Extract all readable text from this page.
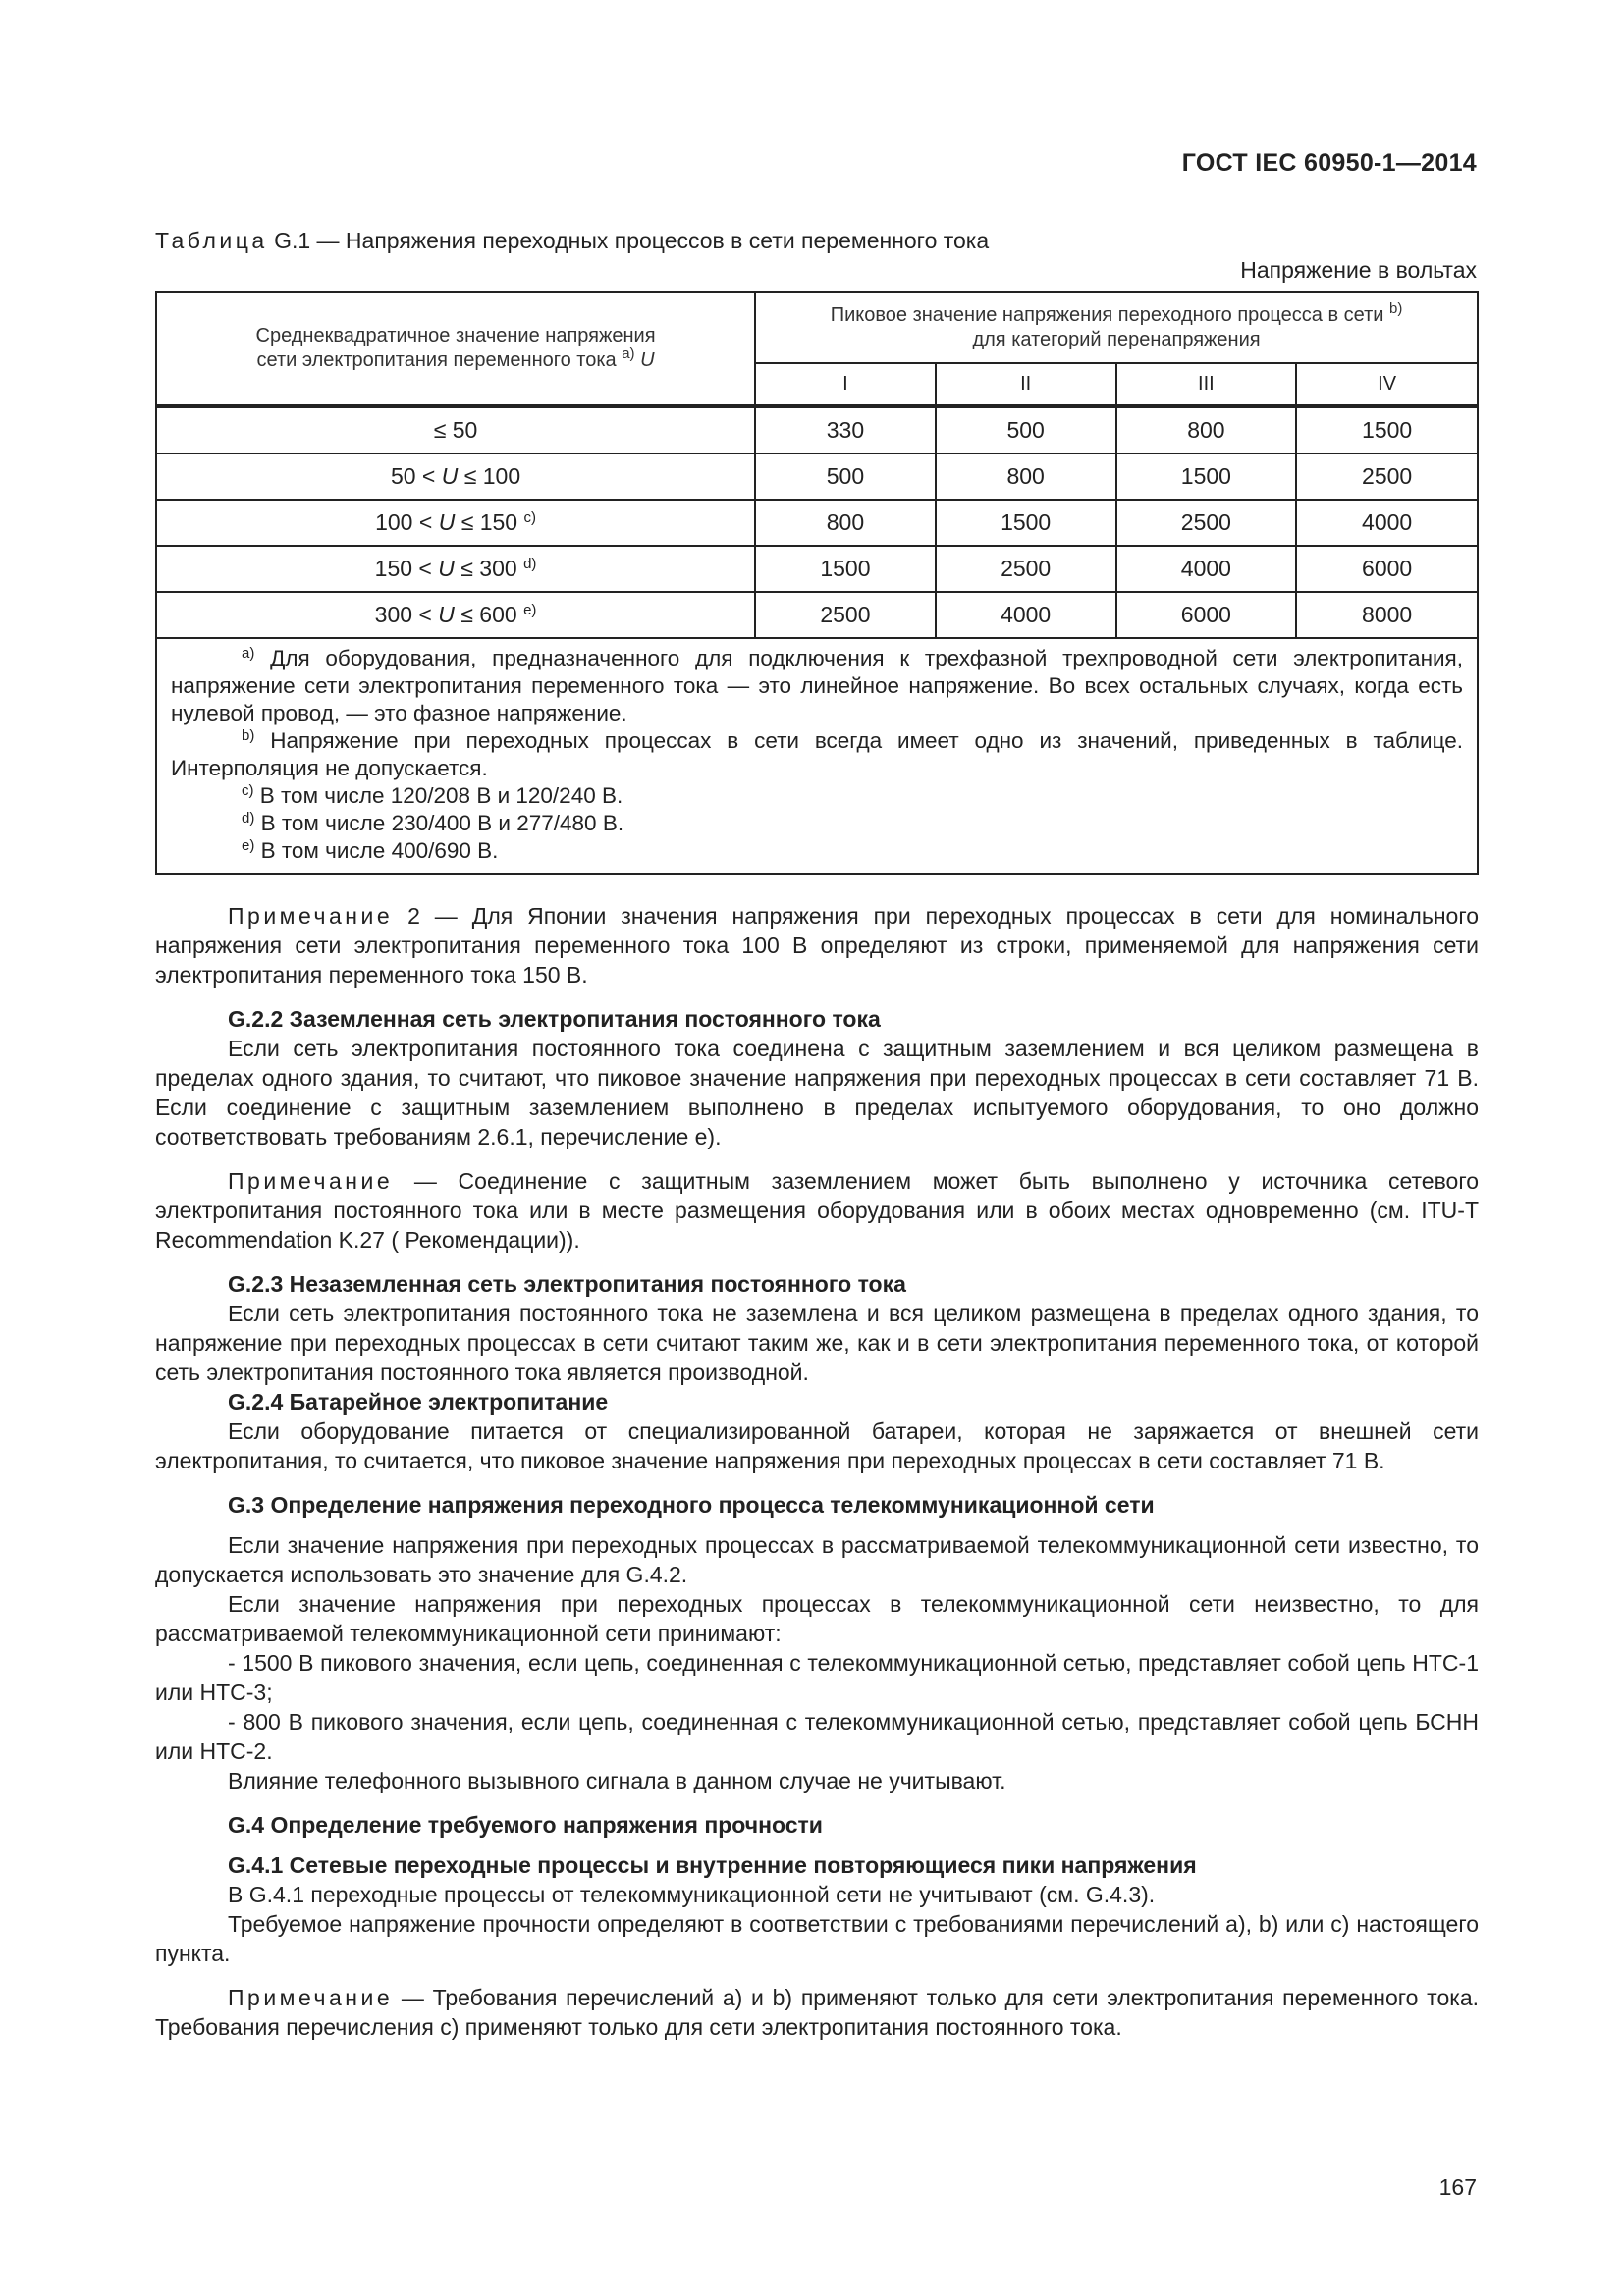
ГОСТ IEC 60950-1—2014
Таблица G.1 — Напряжения переходных процессов в сети переменного тока
Напряжение в вольтах
Среднеквадратичное значение напряжения
сети электропитания переменного тока $^{a)}$ U	Пиковое значение напряжения переходного процесса в сети $^{b)}$
для категорий перенапряжения			
	I	II	III	IV
≤ 50	330	500	800	1500
50 < U ≤ 100	500	800	1500	2500
100 < U ≤ 150 $^{c)}$	800	1500	2500	4000
150 < U ≤ 300 $^{d)}$	1500	2500	4000	6000
300 < U ≤ 600 $^{e)}$	2500	4000	6000	8000

$^{a)}$ Для оборудования, предназначенного для подключения к трехфазной трехпроводной сети электропитания, напряжение сети электропитания переменного тока — это линейное напряжение. Во всех остальных случаях, когда есть нулевой провод, — это фазное напряжение.
$^{b)}$ Напряжение при переходных процессах в сети всегда имеет одно из значений, приведенных в таблице. Интерполяция не допускается.
$^{c)}$ В том числе 120/208 В и 120/240 В.
$^{d)}$ В том числе 230/400 В и 277/480 В.
$^{e)}$ В том числе 400/690 В.				

Примечание 2 — Для Японии значения напряжения при переходных процессах в сети для номинального напряжения сети электропитания переменного тока 100 В определяют из строки, применяемой для напряжения сети электропитания переменного тока 150 В.

G.2.2 Заземленная сеть электропитания постоянного тока

Если сеть электропитания постоянного тока соединена с защитным заземлением и вся целиком размещена в пределах одного здания, то считают, что пиковое значение напряжения при переходных процессах в сети составляет 71 В. Если соединение с защитным заземлением выполнено в пределах испытуемого оборудования, то оно должно соответствовать требованиям 2.6.1, перечисление е).

Примечание — Соединение с защитным заземлением может быть выполнено у источника сетевого электропитания постоянного тока или в месте размещения оборудования или в обоих местах одновременно (см. ITU-T Recommendation K.27 ( Рекомендации)).

G.2.3 Незаземленная сеть электропитания постоянного тока

Если сеть электропитания постоянного тока не заземлена и вся целиком размещена в пределах одного здания, то напряжение при переходных процессах в сети считают таким же, как и в сети электропитания переменного тока, от которой сеть электропитания постоянного тока является производной.

G.2.4 Батарейное электропитание

Если оборудование питается от специализированной батареи, которая не заряжается от внешней сети электропитания, то считается, что пиковое значение напряжения при переходных процессах в сети составляет 71 В.

G.3 Определение напряжения переходного процесса телекоммуникационной сети

Если значение напряжения при переходных процессах в рассматриваемой телекоммуникационной сети известно, то допускается использовать это значение для G.4.2.

Если значение напряжения при переходных процессах в телекоммуникационной сети неизвестно, то для рассматриваемой телекоммуникационной сети принимают:

- 1500 В пикового значения, если цепь, соединенная с телекоммуникационной сетью, представляет собой цепь НТС-1 или НТС-3;

- 800 В пикового значения, если цепь, соединенная с телекоммуникационной сетью, представляет собой цепь БСНН или НТС-2.

Влияние телефонного вызывного сигнала в данном случае не учитывают.

G.4 Определение требуемого напряжения прочности

G.4.1 Сетевые переходные процессы и внутренние повторяющиеся пики напряжения

В G.4.1 переходные процессы от телекоммуникационной сети не учитывают (см. G.4.3).

Требуемое напряжение прочности определяют в соответствии с требованиями перечислений а), b) или c) настоящего пункта.

Примечание — Требования перечислений а) и b) применяют только для сети электропитания переменного тока. Требования перечисления c) применяют только для сети электропитания постоянного тока.

167
